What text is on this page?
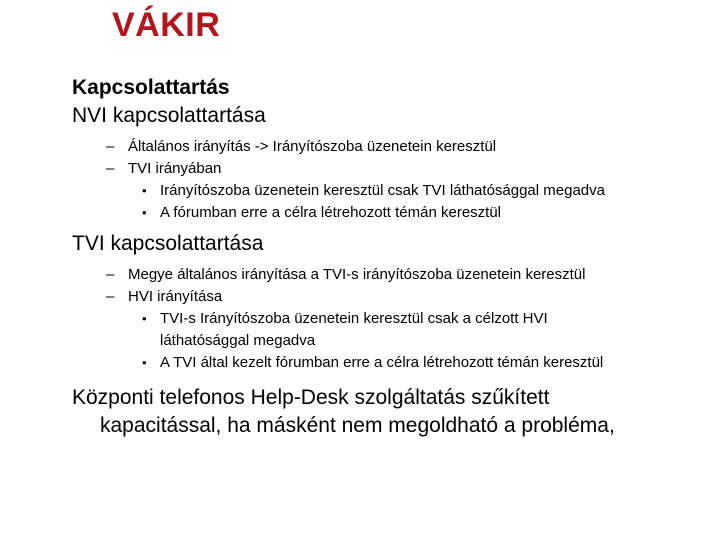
VÁKIR
Kapcsolattartás
NVI kapcsolattartása
– Általános irányítás -> Irányítószoba üzenetein keresztül
– TVI irányában
• Irányítószoba üzenetein keresztül csak TVI láthatósággal megadva
• A fórumban erre a célra létrehozott témán keresztül
TVI kapcsolattartása
– Megye általános irányítása a TVI-s irányítószoba üzenetein keresztül
– HVI irányítása
• TVI-s Irányítószoba üzenetein keresztül csak a célzott HVI láthatósággal megadva
• A TVI által kezelt fórumban erre a célra létrehozott témán keresztül
Központi telefonos Help-Desk szolgáltatás szűkített kapacitással, ha másként nem megoldható a probléma,
